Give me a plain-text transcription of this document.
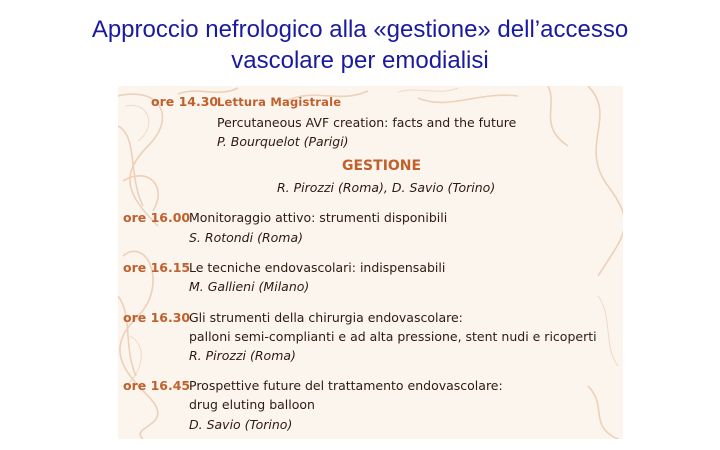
Approccio nefrologico alla «gestione» dell’accesso
vascolare per emodialisi
ore 14.30
Lettura Magistrale
Percutaneous AVF creation: facts and the future
P. Bourquelot (Parigi)
GESTIONE
R. Pirozzi (Roma), D. Savio (Torino)
ore 16.00
Monitoraggio attivo: strumenti disponibili
S. Rotondi (Roma)
ore 16.15
Le tecniche endovascolari: indispensabili
M. Gallieni (Milano)
ore 16.30
Gli strumenti della chirurgia endovascolare:
palloni semi-complianti e ad alta pressione, stent nudi e ricoperti
R. Pirozzi (Roma)
ore 16.45
Prospettive future del trattamento endovascolare:
drug eluting balloon
D. Savio (Torino)
